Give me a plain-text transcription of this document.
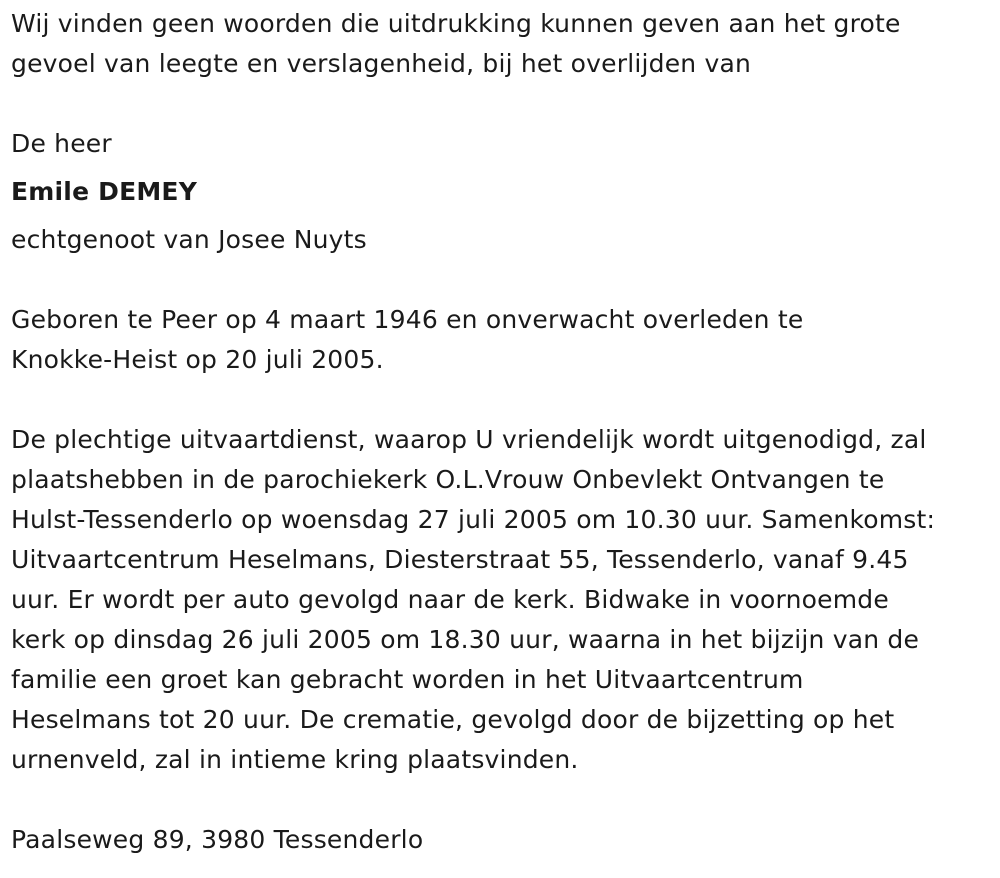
Wij vinden geen woorden die uitdrukking kunnen geven aan het grote

gevoel van leegte en verslagenheid, bij het overlijden van

De heer

Emile DEMEY

echtgenoot van Josee Nuyts

Geboren te Peer op 4 maart 1946 en onverwacht overleden te

Knokke-Heist op 20 juli 2005.

De plechtige uitvaartdienst, waarop U vriendelijk wordt uitgenodigd, zal

plaatshebben in de parochiekerk O.L.Vrouw Onbevlekt Ontvangen te

Hulst-Tessenderlo op woensdag 27 juli 2005 om 10.30 uur. Samenkomst:

Uitvaartcentrum Heselmans, Diesterstraat 55, Tessenderlo, vanaf 9.45

uur. Er wordt per auto gevolgd naar de kerk. Bidwake in voornoemde

kerk op dinsdag 26 juli 2005 om 18.30 uur, waarna in het bijzijn van de

familie een groet kan gebracht worden in het Uitvaartcentrum

Heselmans tot 20 uur. De crematie, gevolgd door de bijzetting op het

urnenveld, zal in intieme kring plaatsvinden.

Paalseweg 89, 3980 Tessenderlo
